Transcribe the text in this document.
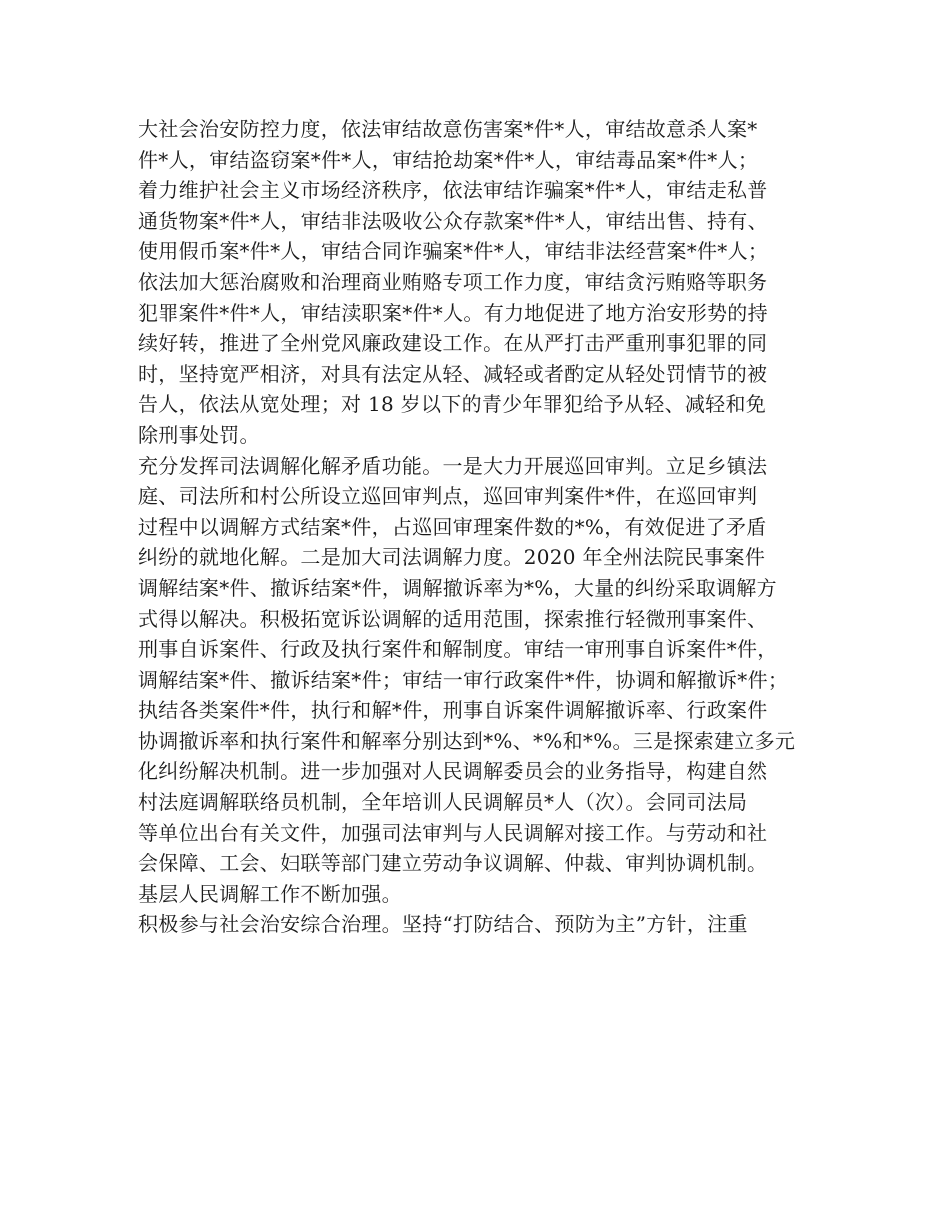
大社会治安防控力度，依法审结故意伤害案*件*人，审结故意杀人案*
件*人，审结盗窃案*件*人，审结抢劫案*件*人，审结毒品案*件*人；
着力维护社会主义市场经济秩序，依法审结诈骗案*件*人，审结走私普
通货物案*件*人，审结非法吸收公众存款案*件*人，审结出售、持有、
使用假币案*件*人，审结合同诈骗案*件*人，审结非法经营案*件*人；
依法加大惩治腐败和治理商业贿赂专项工作力度，审结贪污贿赂等职务
犯罪案件*件*人，审结渎职案*件*人。有力地促进了地方治安形势的持
续好转，推进了全州党风廉政建设工作。在从严打击严重刑事犯罪的同
时，坚持宽严相济，对具有法定从轻、减轻或者酌定从轻处罚情节的被
告人，依法从宽处理；对 18 岁以下的青少年罪犯给予从轻、减轻和免
除刑事处罚。
充分发挥司法调解化解矛盾功能。一是大力开展巡回审判。立足乡镇法
庭、司法所和村公所设立巡回审判点，巡回审判案件*件，在巡回审判
过程中以调解方式结案*件，占巡回审理案件数的*%，有效促进了矛盾
纠纷的就地化解。二是加大司法调解力度。2020 年全州法院民事案件
调解结案*件、撤诉结案*件，调解撤诉率为*%，大量的纠纷采取调解方
式得以解决。积极拓宽诉讼调解的适用范围，探索推行轻微刑事案件、
刑事自诉案件、行政及执行案件和解制度。审结一审刑事自诉案件*件，
调解结案*件、撤诉结案*件；审结一审行政案件*件，协调和解撤诉*件；
执结各类案件*件，执行和解*件，刑事自诉案件调解撤诉率、行政案件
协调撤诉率和执行案件和解率分别达到*%、*%和*%。三是探索建立多元
化纠纷解决机制。进一步加强对人民调解委员会的业务指导，构建自然
村法庭调解联络员机制，全年培训人民调解员*人（次）。会同司法局
等单位出台有关文件，加强司法审判与人民调解对接工作。与劳动和社
会保障、工会、妇联等部门建立劳动争议调解、仲裁、审判协调机制。
基层人民调解工作不断加强。
积极参与社会治安综合治理。坚持“打防结合、预防为主”方针，注重
